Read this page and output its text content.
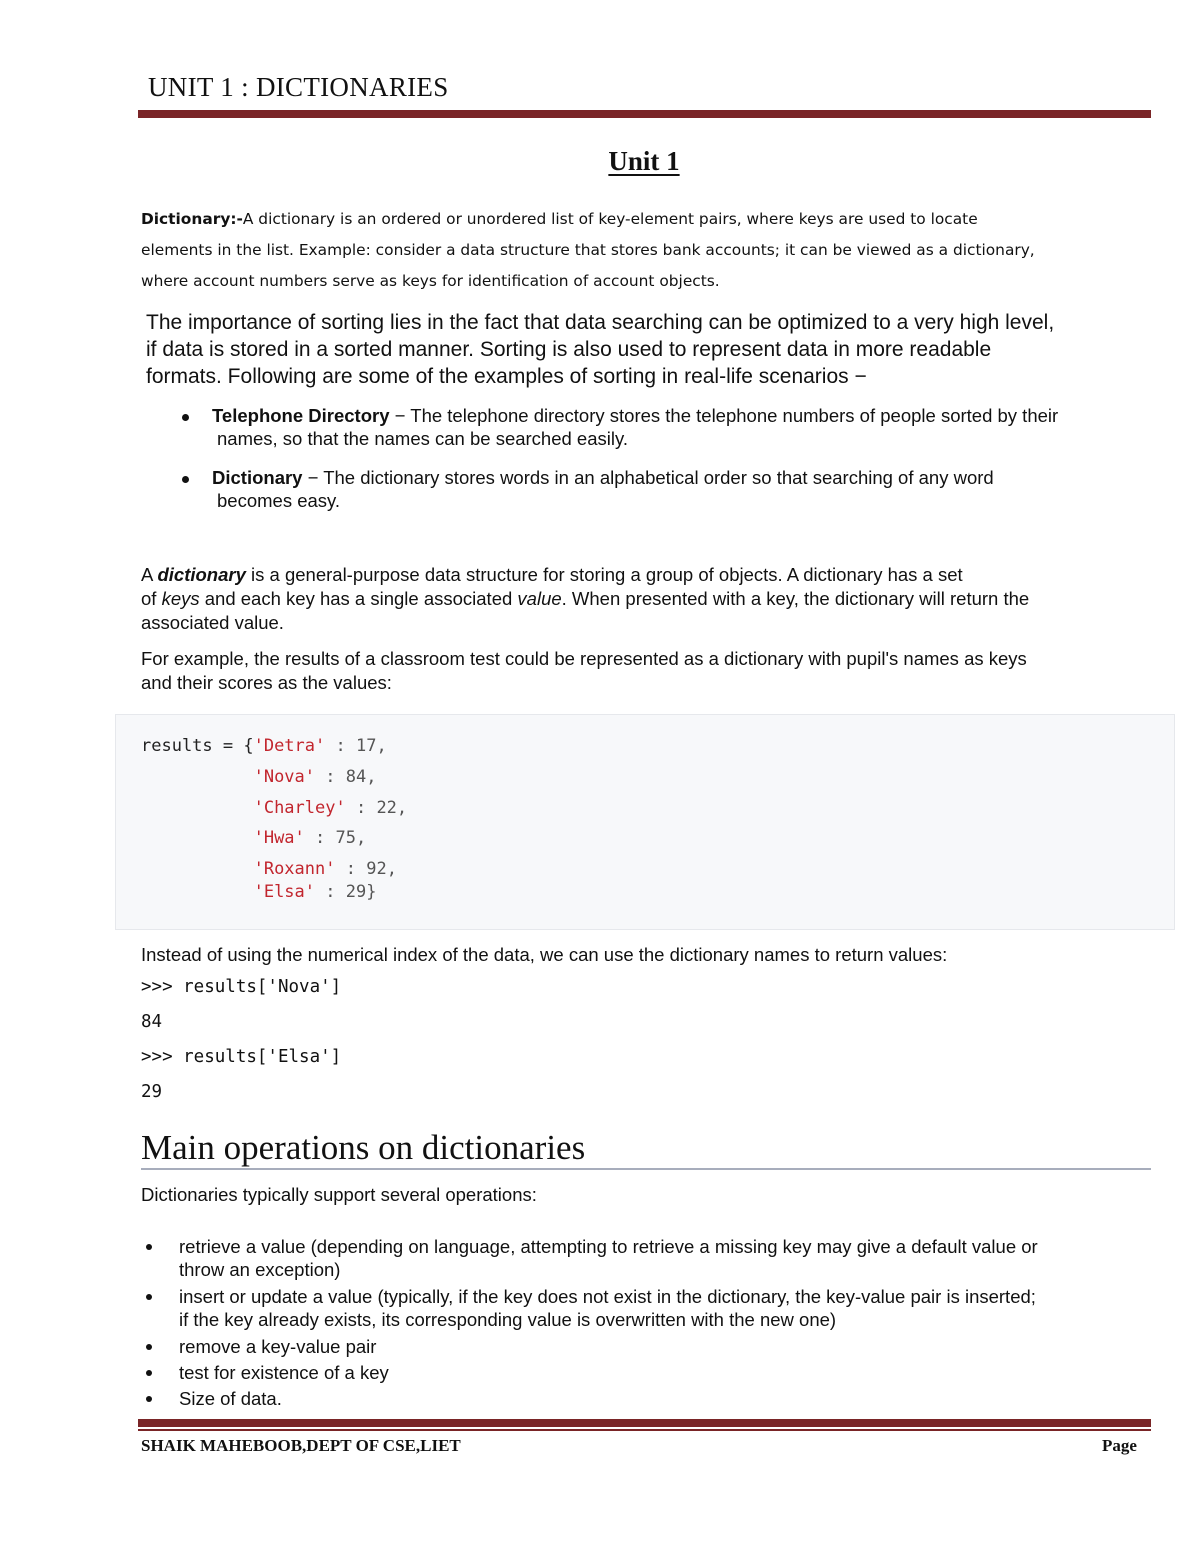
UNIT 1 : DICTIONARIES
Unit 1
Dictionary:-A dictionary is an ordered or unordered list of key-element pairs, where keys are used to locate
elements in the list. Example: consider a data structure that stores bank accounts; it can be viewed as a dictionary,
where account numbers serve as keys for identification of account objects.
The importance of sorting lies in the fact that data searching can be optimized to a very high level,
if data is stored in a sorted manner. Sorting is also used to represent data in more readable
formats. Following are some of the examples of sorting in real-life scenarios −
Telephone Directory − The telephone directory stores the telephone numbers of people sorted by their
names, so that the names can be searched easily.
Dictionary − The dictionary stores words in an alphabetical order so that searching of any word
becomes easy.
A dictionary is a general-purpose data structure for storing a group of objects. A dictionary has a set
of keys and each key has a single associated value. When presented with a key, the dictionary will return the
associated value.
For example, the results of a classroom test could be represented as a dictionary with pupil's names as keys
and their scores as the values:
results = {'Detra' : 17,
'Nova' : 84,
'Charley' : 22,
'Hwa' : 75,
'Roxann' : 92,
'Elsa' : 29}
Instead of using the numerical index of the data, we can use the dictionary names to return values:
>>> results['Nova']
84
>>> results['Elsa']
29
Main operations on dictionaries
Dictionaries typically support several operations:
retrieve a value (depending on language, attempting to retrieve a missing key may give a default value or
throw an exception)
insert or update a value (typically, if the key does not exist in the dictionary, the key-value pair is inserted;
if the key already exists, its corresponding value is overwritten with the new one)
remove a key-value pair
test for existence of a key
Size of data.
SHAIK MAHEBOOB,DEPT OF CSE,LIET	Page
